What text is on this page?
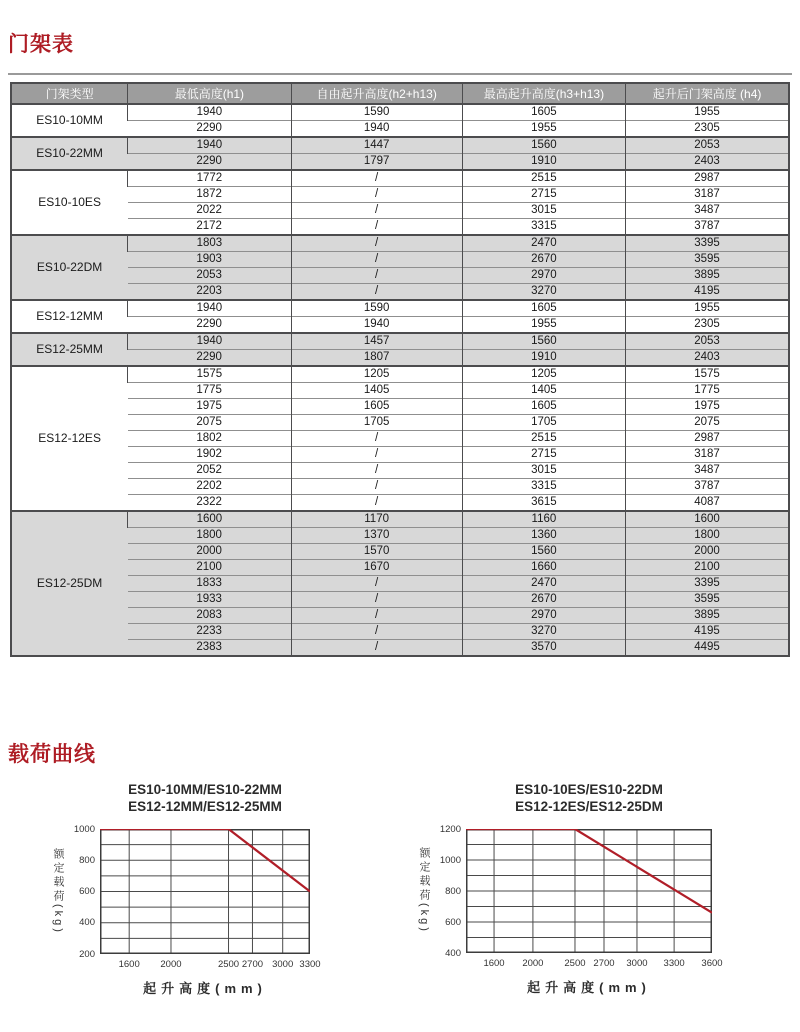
门架表
门架类型	最低高度(h1)	自由起升高度(h2+h13)	最高起升高度(h3+h13)	起升后门架高度 (h4)
ES10-10MM	1940	1590	1605	1955
	2290	1940	1955	2305
ES10-22MM	1940	1447	1560	2053
	2290	1797	1910	2403
ES10-10ES	1772	/	2515	2987
	1872	/	2715	3187
	2022	/	3015	3487
	2172	/	3315	3787
ES10-22DM	1803	/	2470	3395
	1903	/	2670	3595
	2053	/	2970	3895
	2203	/	3270	4195
ES12-12MM	1940	1590	1605	1955
	2290	1940	1955	2305
ES12-25MM	1940	1457	1560	2053
	2290	1807	1910	2403
ES12-12ES	1575	1205	1205	1575
	1775	1405	1405	1775
	1975	1605	1605	1975
	2075	1705	1705	2075
	1802	/	2515	2987
	1902	/	2715	3187
	2052	/	3015	3487
	2202	/	3315	3787
	2322	/	3615	4087
ES12-25DM	1600	1170	1160	1600
	1800	1370	1360	1800
	2000	1570	1560	2000
	2100	1670	1660	2100
	1833	/	2470	3395
	1933	/	2670	3595
	2083	/	2970	3895
	2233	/	3270	4195
	2383	/	3570	4495
载荷曲线
ES10-10MM/ES10-22MM
ES12-12MM/ES12-25MM
额定载荷(kg)
1000
800
600
400
200
1600 2000	2500 2700 3000 3300
起升高度(mm)
ES10-10ES/ES10-22DM
ES12-12ES/ES12-25DM
额定载荷(kg)
1200
1000
800
600
400
1600 2000 2500 2700 3000 3300 3600
起升高度(mm)
